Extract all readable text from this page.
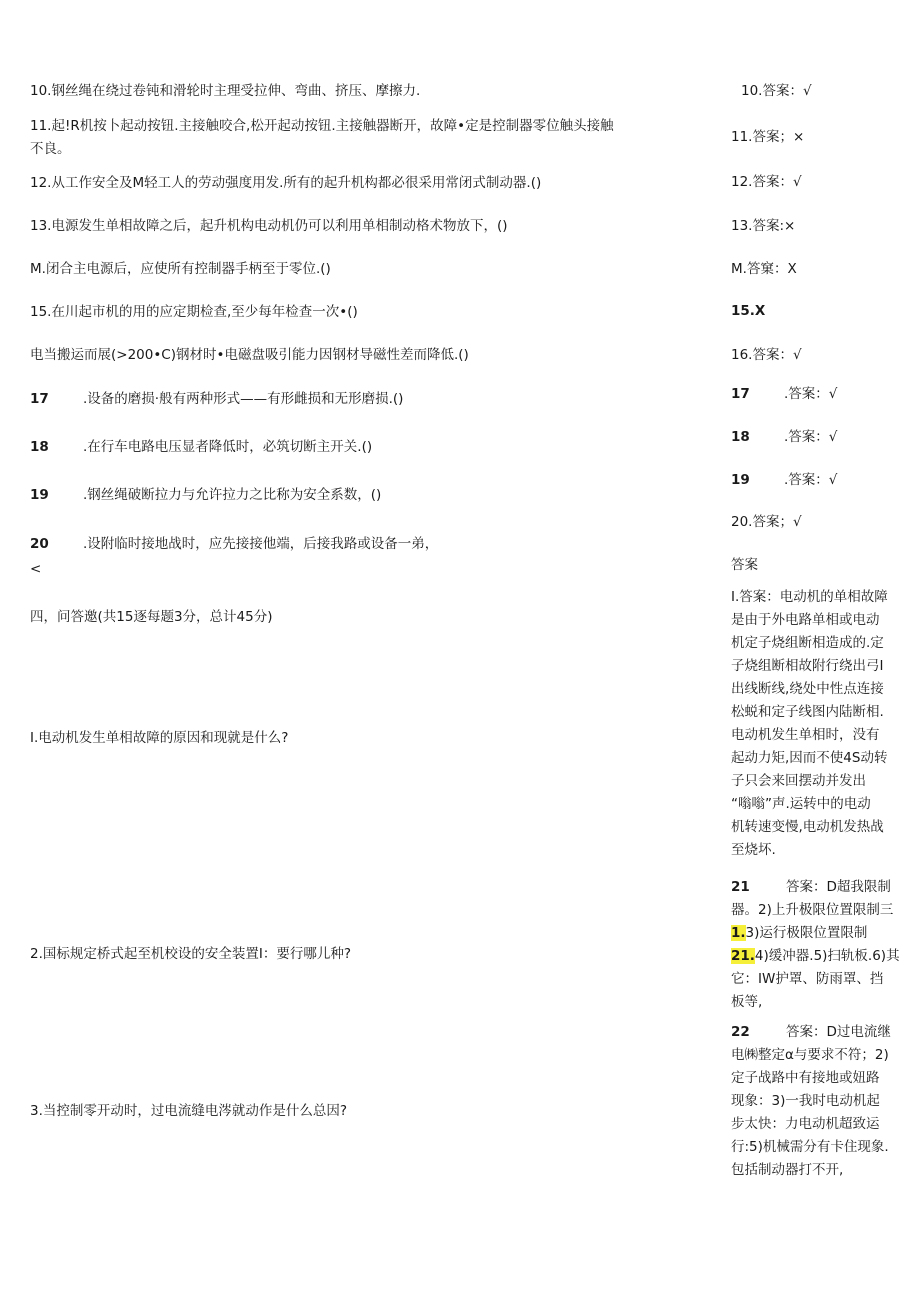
10.钢丝绳在绕过卷钝和滑轮时主理受拉伸、弯曲、挤压、摩擦力.
11.起!R机按卜起动按钮.主接触咬合,松开起动按钮.主接触器断开，故障•定是控制器零位触头接触
不良。
12.从工作安全及M轻工人的劳动强度用发.所有的起升机构都必很采用常闭式制动器.()
13.电源发生单相故障之后，起升机构电动机仍可以利用单相制动格术物放下，()
M.闭合主电源后，应使所有控制器手柄至于零位.()
15.在川起市机的用的应定期检查,至少每年检查一次•()
电当搬运而展(>200•C)钢材时•电磁盘吸引能力因钢材导磁性差而降低.()
17	.设备的磨损·般有两种形式——有形雌损和无形磨损.()
18	.在行车电路电压显者降低时，必筑切断主开关.()
19	.钢丝绳破断拉力与允许拉力之比称为安全系数，()
20	.设附临时接地战时，应先接接他端，后接我路或设备一弟，
<
四，问答邀(共15逐每题3分，总计45分)
I.电动机发生单相故障的原因和现就是什么?
2.国标规定桥式起至机校设的安全装置I：要行哪儿种?
3.当控制零开动时，过电流缝电涔就动作是什么总因?
10.答案：√
11.答案；×
12.答案：√
13.答案:×
M.答窠：X
15.X
16.答案：√
17	.答案：√
18	.答案：√
19	.答案：√
20.答案；√
答案
I.答案：电动机的单相故障
是由于外电路单相或电动
机定子烧组断相造成的.定
子烧组断相故附行绕出弓I
出线断线,绕处中性点连接
松蜕和定子线图内陆断相.
电动机发生单相时，没有
起动力矩,因而不使4S动转
子只会来回摆动并发出
“嗡嗡”声.运转中的电动
机转速变慢,电动机发热战
至烧坏.
21	答案：D超我限制
器。2)上升极限位置限制三
1.3)运行极限位置限制
21.4)缓冲器.5)扫轨板.6)其
它：IW护罩、防雨罩、挡
板等,
22	答案：D过电流继
电㈱整定α与要求不符；2)
定子战路中有接地或妞路
现象：3)一我时电动机起
步太快：力电动机超致运
行:5)机械需分有卡住现象.
包括制动器打不开,
